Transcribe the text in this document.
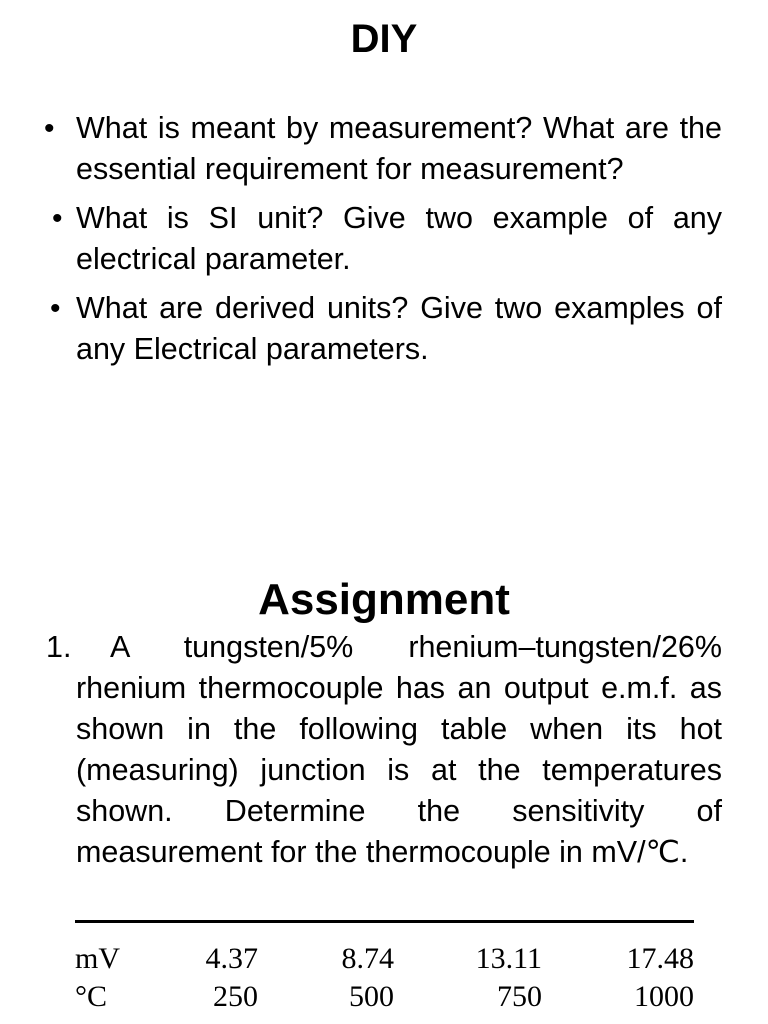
DIY
• What is meant by measurement? What are the essential requirement for measurement?
• What is SI unit? Give two example of any electrical parameter.
• What are derived units? Give two examples of any Electrical parameters.
Assignment
1.	A tungsten/5% rhenium–tungsten/26% rhenium thermocouple has an output e.m.f. as shown in the following table when its hot (measuring) junction is at the temperatures shown. Determine the sensitivity of measurement for the thermocouple in mV/℃.
mV	4.37	8.74	13.11	17.48
°C	250	500	750	1000
